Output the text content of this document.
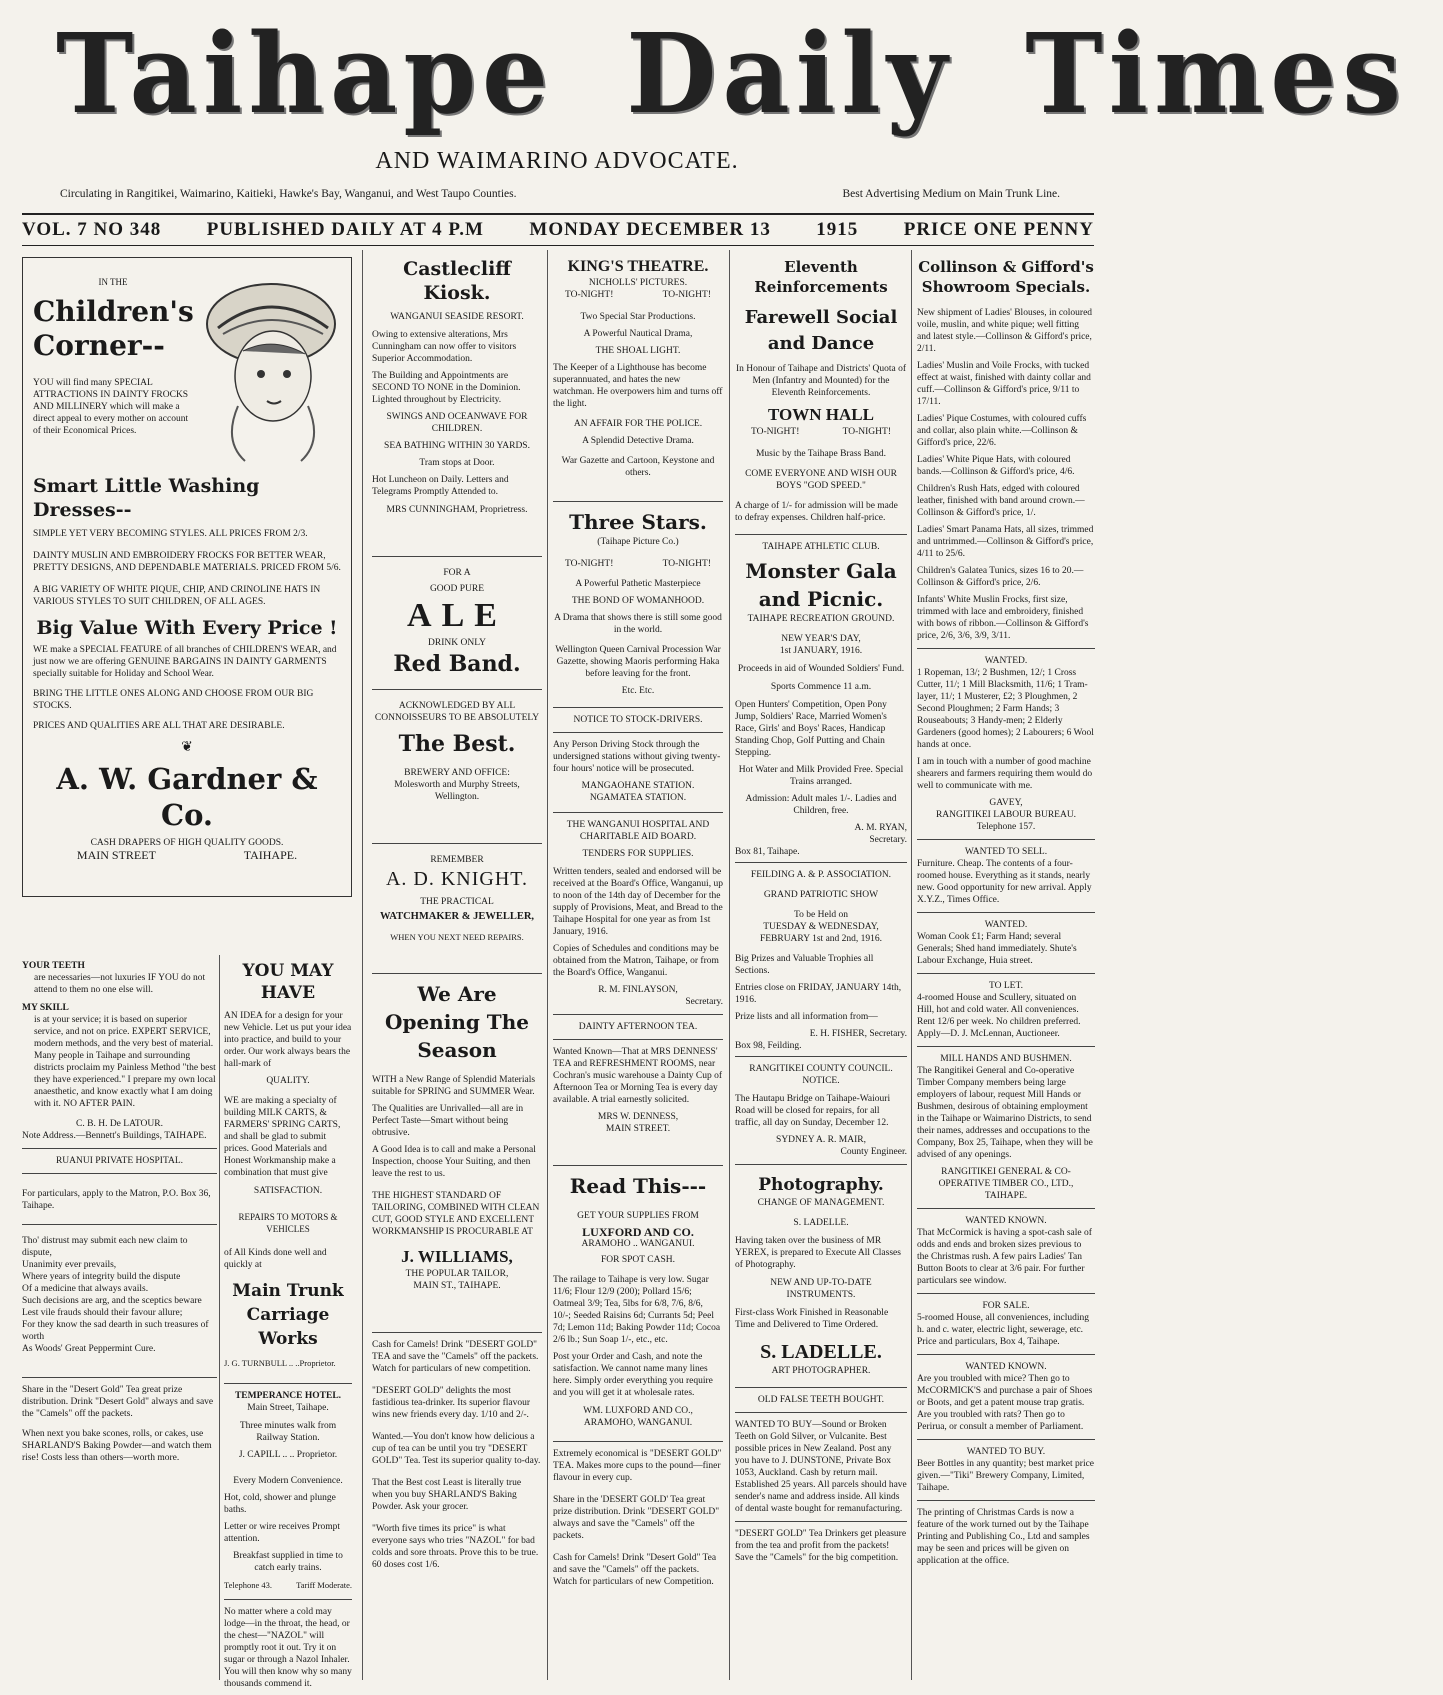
Taihape Daily Times
AND WAIMARINO ADVOCATE.
Circulating in Rangitikei, Waimarino, Kaitieki, Hawke's Bay, Wanganui, and West Taupo Counties.	Best Advertising Medium on Main Trunk Line.
VOL. 7 NO 348 PUBLISHED DAILY AT 4 P.M MONDAY DECEMBER 13 1915 PRICE ONE PENNY
IN THE
Children's Corner--
YOU will find many SPECIAL ATTRACTIONS IN DAINTY FROCKS AND MILLINERY which will make a direct appeal to every mother on account of their Economical Prices.
Smart Little Washing Dresses--

SIMPLE YET VERY BECOMING STYLES. ALL PRICES FROM 2/3.

DAINTY MUSLIN AND EMBROIDERY FROCKS FOR BETTER WEAR, PRETTY DESIGNS, AND DEPENDABLE MATERIALS. PRICED FROM 5/6.

A BIG VARIETY OF WHITE PIQUE, CHIP, AND CRINOLINE HATS IN VARIOUS STYLES TO SUIT CHILDREN, OF ALL AGES.

Big Value With Every Price !

WE make a SPECIAL FEATURE of all branches of CHILDREN'S WEAR, and just now we are offering GENUINE BARGAINS IN DAINTY GARMENTS specially suitable for Holiday and School Wear.

BRING THE LITTLE ONES ALONG AND CHOOSE FROM OUR BIG STOCKS.

PRICES AND QUALITIES ARE ALL THAT ARE DESIRABLE.

❦
A. W. Gardner & Co.
CASH DRAPERS OF HIGH QUALITY GOODS.
MAIN STREET	TAIHAPE.
YOUR TEETH

are necessaries—not luxuries IF YOU do not attend to them no one else will.

MY SKILL

is at your service; it is based on superior service, and not on price. EXPERT SERVICE, modern methods, and the very best of material. Many people in Taihape and surrounding districts proclaim my Painless Method "the best they have experienced." I prepare my own local anaesthetic, and know exactly what I am doing with it. NO AFTER PAIN.

C. B. H. De LATOUR.

Note Address.—Bennett's Buildings, TAIHAPE.

RUANUI PRIVATE HOSPITAL.

For particulars, apply to the Matron, P.O. Box 36, Taihape.

Tho' distrust may submit each new claim to dispute,
Unanimity ever prevails,
Where years of integrity build the dispute
Of a medicine that always avails.
Such decisions are arg, and the sceptics beware
Lest vile frauds should their favour allure;
For they know the sad dearth in such treasures of worth
As Woods' Great Peppermint Cure.

Share in the "Desert Gold" Tea great prize distribution. Drink "Desert Gold" always and save the "Camels" off the packets.

When next you bake scones, rolls, or cakes, use SHARLAND'S Baking Powder—and watch them rise! Costs less than others—worth more.

YOU MAY HAVE

AN IDEA for a design for your new Vehicle. Let us put your idea into practice, and build to your order. Our work always bears the hall-mark of

QUALITY.

WE are making a specialty of building MILK CARTS, & FARMERS' SPRING CARTS, and shall be glad to submit prices. Good Materials and Honest Workmanship make a combination that must give

SATISFACTION.
REPAIRS TO MOTORS & VEHICLES

of All Kinds done well and quickly at

Main Trunk Carriage Works
J. G. TURNBULL .. ..Proprietor.
TEMPERANCE HOTEL.
Main Street, Taihape.

Three minutes walk from Railway Station.

J. CAPILL .. .. Proprietor.

Every Modern Convenience.

Hot, cold, shower and plunge baths.

Letter or wire receives Prompt attention.

Breakfast supplied in time to catch early trains.

Telephone 43.	Tariff Moderate.

No matter where a cold may lodge—in the throat, the head, or the chest—"NAZOL" will promptly root it out. Try it on sugar or through a Nazol Inhaler. You will then know why so many thousands commend it.

Castlecliff Kiosk.
WANGANUI SEASIDE RESORT.

Owing to extensive alterations, Mrs Cunningham can now offer to visitors Superior Accommodation.

The Building and Appointments are SECOND TO NONE in the Dominion. Lighted throughout by Electricity.

SWINGS AND OCEANWAVE FOR CHILDREN.

SEA BATHING WITHIN 30 YARDS.

Tram stops at Door.

Hot Luncheon on Daily. Letters and Telegrams Promptly Attended to.

MRS CUNNINGHAM, Proprietress.

FOR A
GOOD PURE
ALE
DRINK ONLY
Red Band.

ACKNOWLEDGED BY ALL CONNOISSEURS TO BE ABSOLUTELY

The Best.
BREWERY AND OFFICE:
Molesworth and Murphy Streets, Wellington.
REMEMBER
A. D. KNIGHT.
THE PRACTICAL
WATCHMAKER & JEWELLER,
WHEN YOU NEXT NEED REPAIRS.
We Are Opening The Season

WITH a New Range of Splendid Materials suitable for SPRING and SUMMER Wear.

The Qualities are Unrivalled—all are in Perfect Taste—Smart without being obtrusive.

A Good Idea is to call and make a Personal Inspection, choose Your Suiting, and then leave the rest to us.

THE HIGHEST STANDARD OF TAILORING, COMBINED WITH CLEAN CUT, GOOD STYLE AND EXCELLENT WORKMANSHIP IS PROCURABLE AT

J. WILLIAMS,
THE POPULAR TAILOR,
MAIN ST., TAIHAPE.

Cash for Camels! Drink "DESERT GOLD" TEA and save the "Camels" off the packets. Watch for particulars of new competition.

"DESERT GOLD" delights the most fastidious tea-drinker. Its superior flavour wins new friends every day. 1/10 and 2/-.

Wanted.—You don't know how delicious a cup of tea can be until you try "DESERT GOLD" Tea. Test its superior quality to-day.

That the Best cost Least is literally true when you buy SHARLAND'S Baking Powder. Ask your grocer.

"Worth five times its price" is what everyone says who tries "NAZOL" for bad colds and sore throats. Prove this to be true. 60 doses cost 1/6.

KING'S THEATRE.
NICHOLLS' PICTURES.
TO-NIGHT!	TO-NIGHT!

Two Special Star Productions.

A Powerful Nautical Drama,

THE SHOAL LIGHT.

The Keeper of a Lighthouse has become superannuated, and hates the new watchman. He overpowers him and turns off the light.

AN AFFAIR FOR THE POLICE.

A Splendid Detective Drama.

War Gazette and Cartoon, Keystone and others.

Three Stars.
(Taihape Picture Co.)
TO-NIGHT!	TO-NIGHT!

A Powerful Pathetic Masterpiece

THE BOND OF WOMANHOOD.

A Drama that shows there is still some good in the world.

Wellington Queen Carnival Procession War Gazette, showing Maoris performing Haka before leaving for the front.

Etc. Etc.

NOTICE TO STOCK-DRIVERS.

Any Person Driving Stock through the undersigned stations without giving twenty-four hours' notice will be prosecuted.

MANGAOHANE STATION.
NGAMATEA STATION.

THE WANGANUI HOSPITAL AND CHARITABLE AID BOARD.

TENDERS FOR SUPPLIES.

Written tenders, sealed and endorsed will be received at the Board's Office, Wanganui, up to noon of the 14th day of December for the supply of Provisions, Meat, and Bread to the Taihape Hospital for one year as from 1st January, 1916.

Copies of Schedules and conditions may be obtained from the Matron, Taihape, or from the Board's Office, Wanganui.

R. M. FINLAYSON,
Secretary.
DAINTY AFTERNOON TEA.

Wanted Known—That at MRS DENNESS' TEA and REFRESHMENT ROOMS, near Cochran's music warehouse a Dainty Cup of Afternoon Tea or Morning Tea is every day available. A trial earnestly solicited.

MRS W. DENNESS,
MAIN STREET.
Read This---
GET YOUR SUPPLIES FROM
LUXFORD AND CO.
ARAMOHO .. WANGANUI.
FOR SPOT CASH.

The railage to Taihape is very low. Sugar 11/6; Flour 12/9 (200); Pollard 15/6; Oatmeal 3/9; Tea, 5lbs for 6/8, 7/6, 8/6, 10/-; Seeded Raisins 6d; Currants 5d; Peel 7d; Lemon 11d; Baking Powder 11d; Cocoa 2/6 lb.; Sun Soap 1/-, etc., etc.

Post your Order and Cash, and note the satisfaction. We cannot name many lines here. Simply order everything you require and you will get it at wholesale rates.

WM. LUXFORD AND CO.,
ARAMOHO, WANGANUI.

Extremely economical is "DESERT GOLD" TEA. Makes more cups to the pound—finer flavour in every cup.

Share in the 'DESERT GOLD' Tea great prize distribution. Drink "DESERT GOLD" always and save the "Camels" off the packets.

Cash for Camels! Drink "Desert Gold" Tea and save the "Camels" off the packets. Watch for particulars of new Competition.

Eleventh Reinforcements
Farewell Social and Dance

In Honour of Taihape and Districts' Quota of Men (Infantry and Mounted) for the Eleventh Reinforcements.

TOWN HALL
TO-NIGHT!	TO-NIGHT!

Music by the Taihape Brass Band.

COME EVERYONE AND WISH OUR BOYS "GOD SPEED."

A charge of 1/- for admission will be made to defray expenses. Children half-price.

TAIHAPE ATHLETIC CLUB.
Monster Gala and Picnic.
TAIHAPE RECREATION GROUND.
NEW YEAR'S DAY,
1st JANUARY, 1916.

Proceeds in aid of Wounded Soldiers' Fund.

Sports Commence 11 a.m.

Open Hunters' Competition, Open Pony Jump, Soldiers' Race, Married Women's Race, Girls' and Boys' Races, Handicap Standing Chop, Golf Putting and Chain Stepping.

Hot Water and Milk Provided Free. Special Trains arranged.

Admission: Adult males 1/-. Ladies and Children, free.

A. M. RYAN,
Secretary.
Box 81, Taihape.
FEILDING A. & P. ASSOCIATION.
GRAND PATRIOTIC SHOW
To be Held on
TUESDAY & WEDNESDAY,
FEBRUARY 1st and 2nd, 1916.

Big Prizes and Valuable Trophies all Sections.

Entries close on FRIDAY, JANUARY 14th, 1916.

Prize lists and all information from—

E. H. FISHER, Secretary.
Box 98, Feilding.
RANGITIKEI COUNTY COUNCIL.
NOTICE.

The Hautapu Bridge on Taihape-Waiouri Road will be closed for repairs, for all traffic, all day on Sunday, December 12.

SYDNEY A. R. MAIR,
County Engineer.
Photography.
CHANGE OF MANAGEMENT.
S. LADELLE.

Having taken over the business of MR YEREX, is prepared to Execute All Classes of Photography.

NEW AND UP-TO-DATE INSTRUMENTS.

First-class Work Finished in Reasonable Time and Delivered to Time Ordered.

S. LADELLE.
ART PHOTOGRAPHER.
OLD FALSE TEETH BOUGHT.

WANTED TO BUY—Sound or Broken Teeth on Gold Silver, or Vulcanite. Best possible prices in New Zealand. Post any you have to J. DUNSTONE, Private Box 1053, Auckland. Cash by return mail. Established 25 years. All parcels should have sender's name and address inside. All kinds of dental waste bought for remanufacturing.

"DESERT GOLD" Tea Drinkers get pleasure from the tea and profit from the packets! Save the "Camels" for the big competition.

Collinson & Gifford's Showroom Specials.

New shipment of Ladies' Blouses, in coloured voile, muslin, and white pique; well fitting and latest style.—Collinson & Gifford's price, 2/11.

Ladies' Muslin and Voile Frocks, with tucked effect at waist, finished with dainty collar and cuff.—Collinson & Gifford's price, 9/11 to 17/11.

Ladies' Pique Costumes, with coloured cuffs and collar, also plain white.—Collinson & Gifford's price, 22/6.

Ladies' White Pique Hats, with coloured bands.—Collinson & Gifford's price, 4/6.

Children's Rush Hats, edged with coloured leather, finished with band around crown.—Collinson & Gifford's price, 1/.

Ladies' Smart Panama Hats, all sizes, trimmed and untrimmed.—Collinson & Gifford's price, 4/11 to 25/6.

Children's Galatea Tunics, sizes 16 to 20.—Collinson & Gifford's price, 2/6.

Infants' White Muslin Frocks, first size, trimmed with lace and embroidery, finished with bows of ribbon.—Collinson & Gifford's price, 2/6, 3/6, 3/9, 3/11.

WANTED.

1 Ropeman, 13/; 2 Bushmen, 12/; 1 Cross Cutter, 11/; 1 Mill Blacksmith, 11/6; 1 Tram-layer, 11/; 1 Musterer, £2; 3 Ploughmen, 2 Second Ploughmen; 2 Farm Hands; 3 Rouseabouts; 3 Handy-men; 2 Elderly Gardeners (good homes); 2 Labourers; 6 Wool hands at once.

I am in touch with a number of good machine shearers and farmers requiring them would do well to communicate with me.

GAVEY,
RANGITIKEI LABOUR BUREAU.
Telephone 157.
WANTED TO SELL.

Furniture. Cheap. The contents of a four-roomed house. Everything as it stands, nearly new. Good opportunity for new arrival. Apply X.Y.Z., Times Office.

WANTED.

Woman Cook £1; Farm Hand; several Generals; Shed hand immediately. Shute's Labour Exchange, Huia street.

TO LET.

4-roomed House and Scullery, situated on Hill, hot and cold water. All conveniences. Rent 12/6 per week. No children preferred. Apply—D. J. McLennan, Auctioneer.

MILL HANDS AND BUSHMEN.

The Rangitikei General and Co-operative Timber Company members being large employers of labour, request Mill Hands or Bushmen, desirous of obtaining employment in the Taihape or Waimarino Districts, to send their names, addresses and occupations to the Company, Box 25, Taihape, when they will be advised of any openings.

RANGITIKEI GENERAL & CO-OPERATIVE TIMBER CO., LTD.,
TAIHAPE.
WANTED KNOWN.

That McCormick is having a spot-cash sale of odds and ends and broken sizes previous to the Christmas rush. A few pairs Ladies' Tan Button Boots to clear at 3/6 pair. For further particulars see window.

FOR SALE.

5-roomed House, all conveniences, including h. and c. water, electric light, sewerage, etc. Price and particulars, Box 4, Taihape.

WANTED KNOWN.

Are you troubled with mice? Then go to McCORMICK'S and purchase a pair of Shoes or Boots, and get a patent mouse trap gratis. Are you troubled with rats? Then go to Perirua, or consult a member of Parliament.

WANTED TO BUY.

Beer Bottles in any quantity; best market price given.—"Tiki" Brewery Company, Limited, Taihape.

The printing of Christmas Cards is now a feature of the work turned out by the Taihape Printing and Publishing Co., Ltd and samples may be seen and prices will be given on application at the office.
